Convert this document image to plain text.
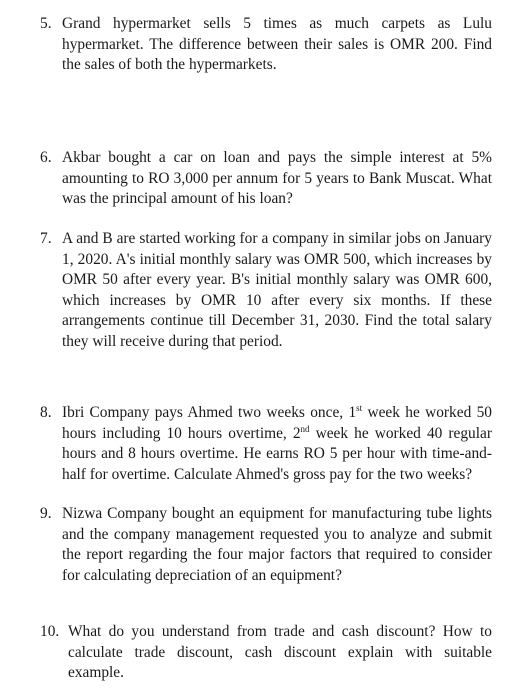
5. Grand hypermarket sells 5 times as much carpets as Lulu hypermarket. The difference between their sales is OMR 200. Find the sales of both the hypermarkets.
6. Akbar bought a car on loan and pays the simple interest at 5% amounting to RO 3,000 per annum for 5 years to Bank Muscat. What was the principal amount of his loan?
7. A and B are started working for a company in similar jobs on January 1, 2020. A's initial monthly salary was OMR 500, which increases by OMR 50 after every year. B's initial monthly salary was OMR 600, which increases by OMR 10 after every six months. If these arrangements continue till December 31, 2030. Find the total salary they will receive during that period.
8. Ibri Company pays Ahmed two weeks once, 1st week he worked 50 hours including 10 hours overtime, 2nd week he worked 40 regular hours and 8 hours overtime. He earns RO 5 per hour with time-and-half for overtime. Calculate Ahmed's gross pay for the two weeks?
9. Nizwa Company bought an equipment for manufacturing tube lights and the company management requested you to analyze and submit the report regarding the four major factors that required to consider for calculating depreciation of an equipment?
10. What do you understand from trade and cash discount? How to calculate trade discount, cash discount explain with suitable example.
